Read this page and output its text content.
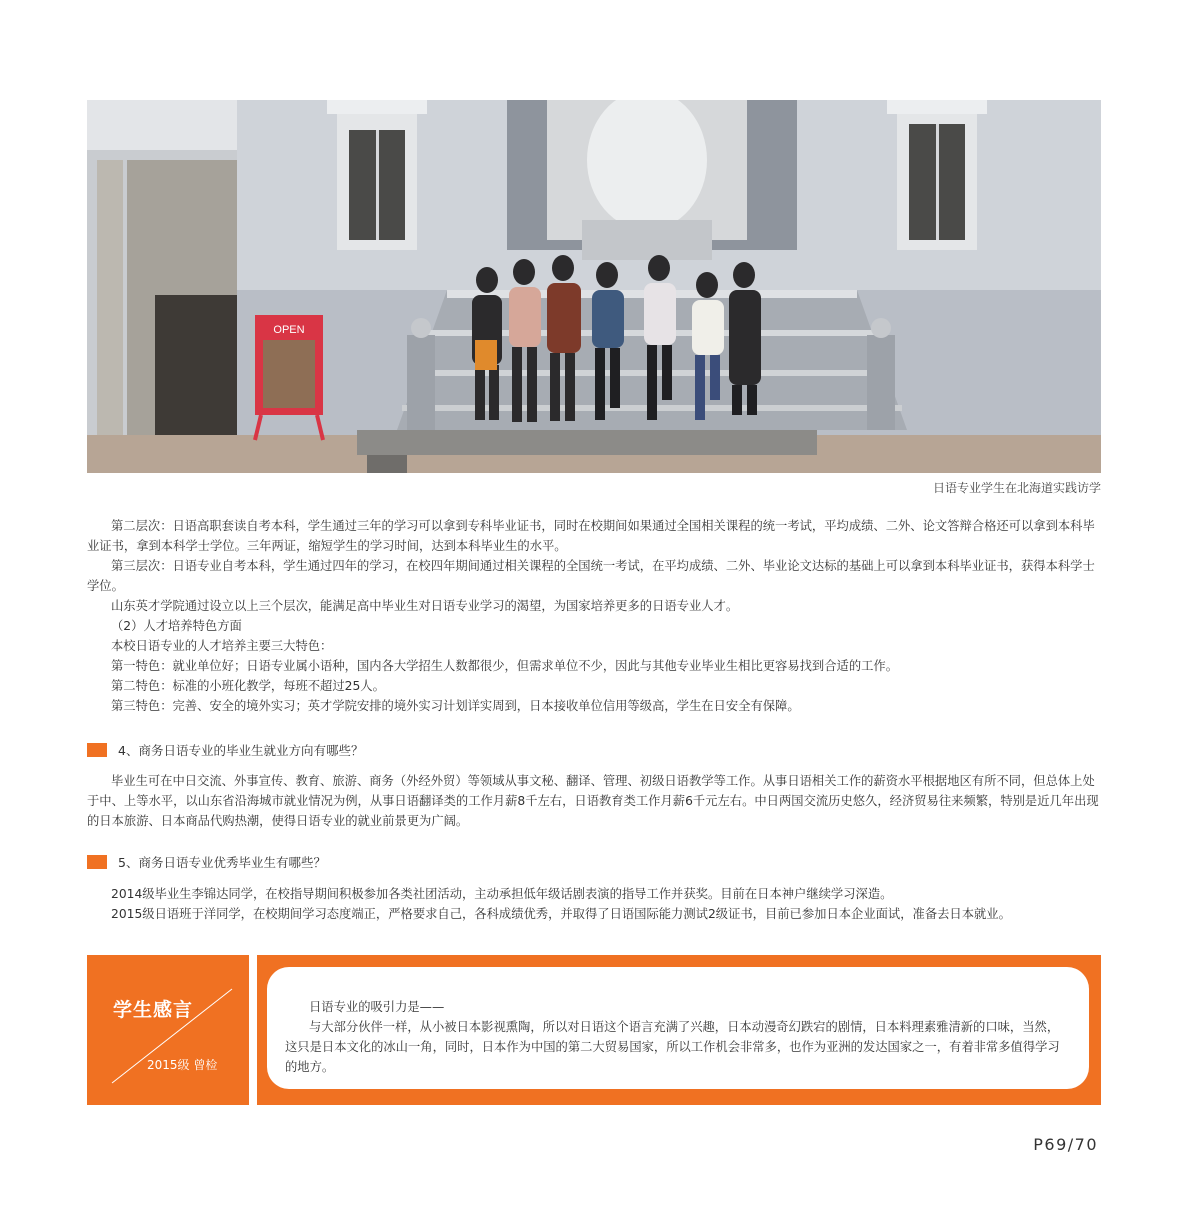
OPEN
日语专业学生在北海道实践访学

第二层次：日语高职套读自考本科，学生通过三年的学习可以拿到专科毕业证书，同时在校期间如果通过全国相关课程的统一考试，平均成绩、二外、论文答辩合格还可以拿到本科毕业证书，拿到本科学士学位。三年两证，缩短学生的学习时间，达到本科毕业生的水平。

第三层次：日语专业自考本科，学生通过四年的学习，在校四年期间通过相关课程的全国统一考试，在平均成绩、二外、毕业论文达标的基础上可以拿到本科毕业证书，获得本科学士学位。

山东英才学院通过设立以上三个层次，能满足高中毕业生对日语专业学习的渴望，为国家培养更多的日语专业人才。

（2）人才培养特色方面

本校日语专业的人才培养主要三大特色：

第一特色：就业单位好；日语专业属小语种，国内各大学招生人数都很少，但需求单位不少，因此与其他专业毕业生相比更容易找到合适的工作。

第二特色：标准的小班化教学，每班不超过25人。

第三特色：完善、安全的境外实习；英才学院安排的境外实习计划详实周到，日本接收单位信用等级高，学生在日安全有保障。

4、商务日语专业的毕业生就业方向有哪些？

毕业生可在中日交流、外事宣传、教育、旅游、商务（外经外贸）等领域从事文秘、翻译、管理、初级日语教学等工作。从事日语相关工作的薪资水平根据地区有所不同，但总体上处于中、上等水平，以山东省沿海城市就业情况为例，从事日语翻译类的工作月薪8千左右，日语教育类工作月薪6千元左右。中日两国交流历史悠久，经济贸易往来频繁，特别是近几年出现的日本旅游、日本商品代购热潮，使得日语专业的就业前景更为广阔。

5、商务日语专业优秀毕业生有哪些？

2014级毕业生李锦达同学，在校指导期间积极参加各类社团活动，主动承担低年级话剧表演的指导工作并获奖。目前在日本神户继续学习深造。

2015级日语班于洋同学，在校期间学习态度端正，严格要求自己，各科成绩优秀，并取得了日语国际能力测试2级证书，目前已参加日本企业面试，准备去日本就业。

学生感言
2015级 曾检

日语专业的吸引力是——

与大部分伙伴一样，从小被日本影视熏陶，所以对日语这个语言充满了兴趣，日本动漫奇幻跌宕的剧情，日本料理素雅清新的口味，当然，这只是日本文化的冰山一角，同时，日本作为中国的第二大贸易国家，所以工作机会非常多，也作为亚洲的发达国家之一，有着非常多值得学习的地方。

P69/70
